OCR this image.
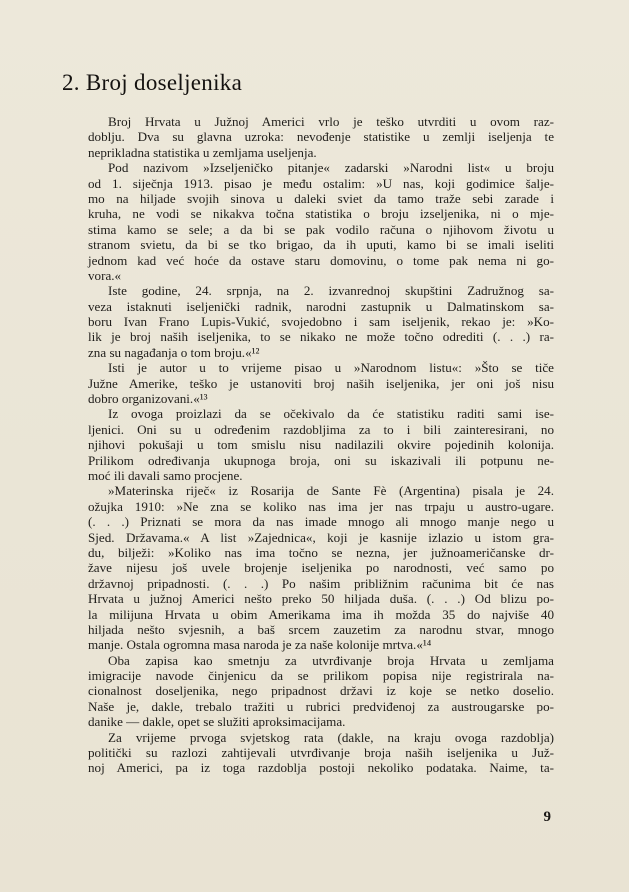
2. Broj doseljenika
Broj Hrvata u Južnoj Americi vrlo je teško utvrditi u ovom raz-
doblju. Dva su glavna uzroka: nevođenje statistike u zemlji iseljenja te
neprikladna statistika u zemljama useljenja.
Pod nazivom »Izseljeničko pitanje« zadarski »Narodni list« u broju
od 1. siječnja 1913. pisao je među ostalim: »U nas, koji godimice šalje-
mo na hiljade svojih sinova u daleki sviet da tamo traže sebi zarade i
kruha, ne vodi se nikakva točna statistika o broju izseljenika, ni o mje-
stima kamo se sele; a da bi se pak vodilo računa o njihovom životu u
stranom svietu, da bi se tko brigao, da ih uputi, kamo bi se imali iseliti
jednom kad već hoće da ostave staru domovinu, o tome pak nema ni go-
vora.«
Iste godine, 24. srpnja, na 2. izvanrednoj skupštini Zadružnog sa-
veza istaknuti iseljenički radnik, narodni zastupnik u Dalmatinskom sa-
boru Ivan Frano Lupis-Vukić, svojedobno i sam iseljenik, rekao je: »Ko-
lik je broj naših iseljenika, to se nikako ne može točno odrediti (. . .) ra-
zna su nagađanja o tom broju.«¹²
Isti je autor u to vrijeme pisao u »Narodnom listu«: »Što se tiče
Južne Amerike, teško je ustanoviti broj naših iseljenika, jer oni još nisu
dobro organizovani.«¹³
Iz ovoga proizlazi da se očekivalo da će statistiku raditi sami ise-
ljenici. Oni su u određenim razdobljima za to i bili zainteresirani, no
njihovi pokušaji u tom smislu nisu nadilazili okvire pojedinih kolonija.
Prilikom određivanja ukupnoga broja, oni su iskazivali ili potpunu ne-
moć ili davali samo procjene.
»Materinska riječ« iz Rosarija de Sante Fè (Argentina) pisala je 24.
ožujka 1910: »Ne zna se koliko nas ima jer nas trpaju u austro-ugare.
(. . .) Priznati se mora da nas imade mnogo ali mnogo manje nego u
Sjed. Državama.« A list »Zajednica«, koji je kasnije izlazio u istom gra-
du, bilježi: »Koliko nas ima točno se nezna, jer južnoameričanske dr-
žave nijesu još uvele brojenje iseljenika po narodnosti, već samo po
državnoj pripadnosti. (. . .) Po našim približnim računima bit će nas
Hrvata u južnoj Americi nešto preko 50 hiljada duša. (. . .) Od blizu po-
la milijuna Hrvata u obim Amerikama ima ih možda 35 do najviše 40
hiljada nešto svjesnih, a baš srcem zauzetim za narodnu stvar, mnogo
manje. Ostala ogromna masa naroda je za naše kolonije mrtva.«¹⁴
Oba zapisa kao smetnju za utvrđivanje broja Hrvata u zemljama
imigracije navode činjenicu da se prilikom popisa nije registrirala na-
cionalnost doseljenika, nego pripadnost državi iz koje se netko doselio.
Naše je, dakle, trebalo tražiti u rubrici predviđenoj za austrougarske po-
danike — dakle, opet se služiti aproksimacijama.
Za vrijeme prvoga svjetskog rata (dakle, na kraju ovoga razdoblja)
politički su razlozi zahtijevali utvrđivanje broja naših iseljenika u Juž-
noj Americi, pa iz toga razdoblja postoji nekoliko podataka. Naime, ta-
9
